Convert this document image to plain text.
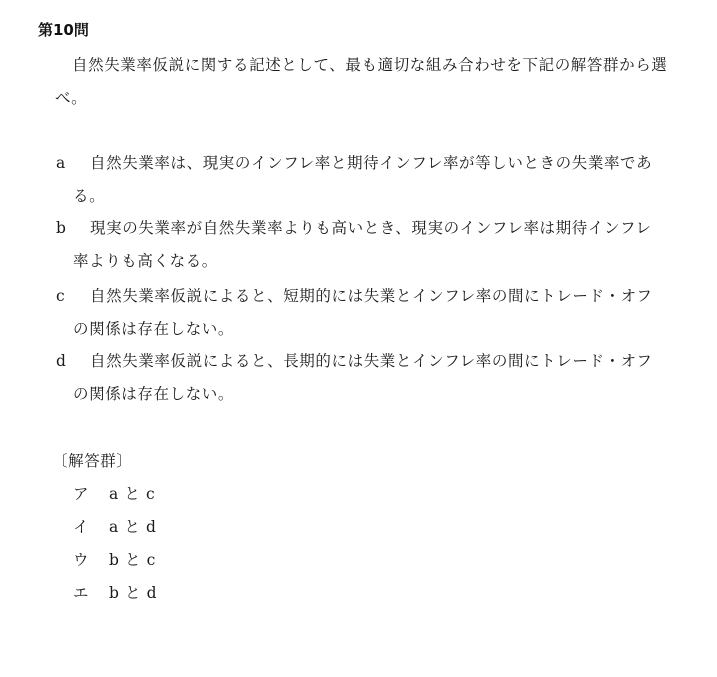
第10問
自然失業率仮説に関する記述として、最も適切な組み合わせを下記の解答群から選べ。
a 自然失業率は、現実のインフレ率と期待インフレ率が等しいときの失業率であ
る。
b 現実の失業率が自然失業率よりも高いとき、現実のインフレ率は期待インフレ
率よりも高くなる。
c 自然失業率仮説によると、短期的には失業とインフレ率の間にトレード・オフ
の関係は存在しない。
d 自然失業率仮説によると、長期的には失業とインフレ率の間にトレード・オフ
の関係は存在しない。
〔解答群〕
ア a と c
イ a と d
ウ b と c
エ b と d
